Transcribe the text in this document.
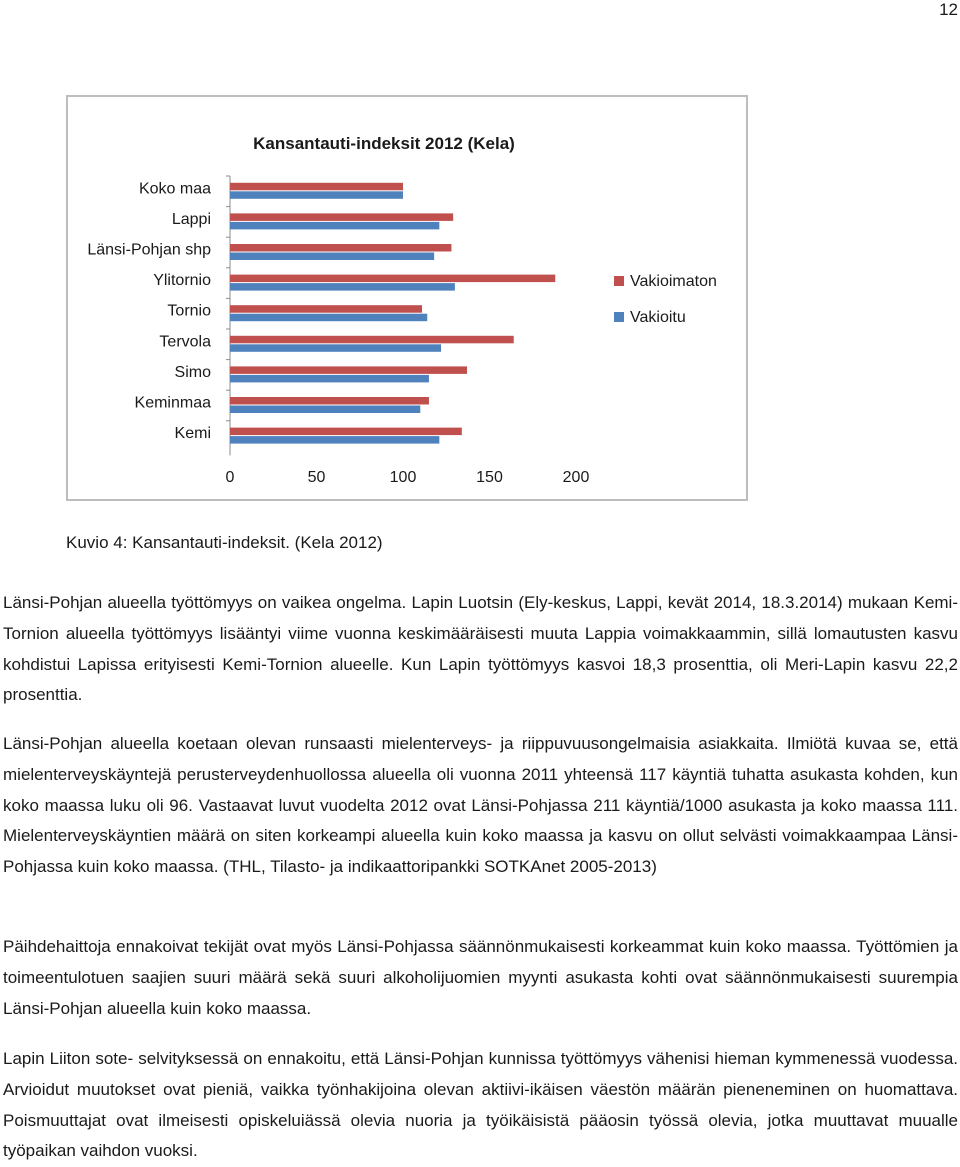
12
Kansantauti-indeksit 2012 (Kela)
Koko maa
Lappi
Länsi-Pohjan shp
Ylitornio
Tornio
Tervola
Simo
Keminmaa
Kemi
0	50	100	150	200
Vakioimaton
Vakioitu
Kuvio 4: Kansantauti-indeksit. (Kela 2012)

Länsi-Pohjan alueella työttömyys on vaikea ongelma. Lapin Luotsin (Ely-keskus, Lappi, kevät 2014, 18.3.2014) mukaan Kemi-Tornion alueella työttömyys lisääntyi viime vuonna keskimääräisesti muuta Lappia voimakkaammin, sillä lomautusten kasvu kohdistui Lapissa erityisesti Kemi-Tornion alueelle. Kun Lapin työttömyys kasvoi 18,3 prosenttia, oli Meri-Lapin kasvu 22,2 prosenttia.

Länsi-Pohjan alueella koetaan olevan runsaasti mielenterveys- ja riippuvuusongelmaisia asiakkaita. Ilmiötä kuvaa se, että mielenterveyskäyntejä perusterveydenhuollossa alueella oli vuonna 2011 yhteensä 117 käyntiä tuhatta asukasta kohden, kun koko maassa luku oli 96. Vastaavat luvut vuodelta 2012 ovat Länsi-Pohjassa 211 käyntiä/1000 asukasta ja koko maassa 111. Mielenterveyskäyntien määrä on siten korkeampi alueella kuin koko maassa ja kasvu on ollut selvästi voimakkaampaa Länsi-Pohjassa kuin koko maassa. (THL, Tilasto- ja indikaattoripankki SOTKAnet 2005-2013)

Päihdehaittoja ennakoivat tekijät ovat myös Länsi-Pohjassa säännönmukaisesti korkeammat kuin koko maassa. Työttömien ja toimeentulotuen saajien suuri määrä sekä suuri alkoholijuomien myynti asukasta kohti ovat säännönmukaisesti suurempia Länsi-Pohjan alueella kuin koko maassa.

Lapin Liiton sote- selvityksessä on ennakoitu, että Länsi-Pohjan kunnissa työttömyys vähenisi hieman kymmenessä vuodessa. Arvioidut muutokset ovat pieniä, vaikka työnhakijoina olevan aktiivi-ikäisen väestön määrän pieneneminen on huomattava. Poismuuttajat ovat ilmeisesti opiskeluiässä olevia nuoria ja työikäisistä pääosin työssä olevia, jotka muuttavat muualle työpaikan vaihdon vuoksi.
